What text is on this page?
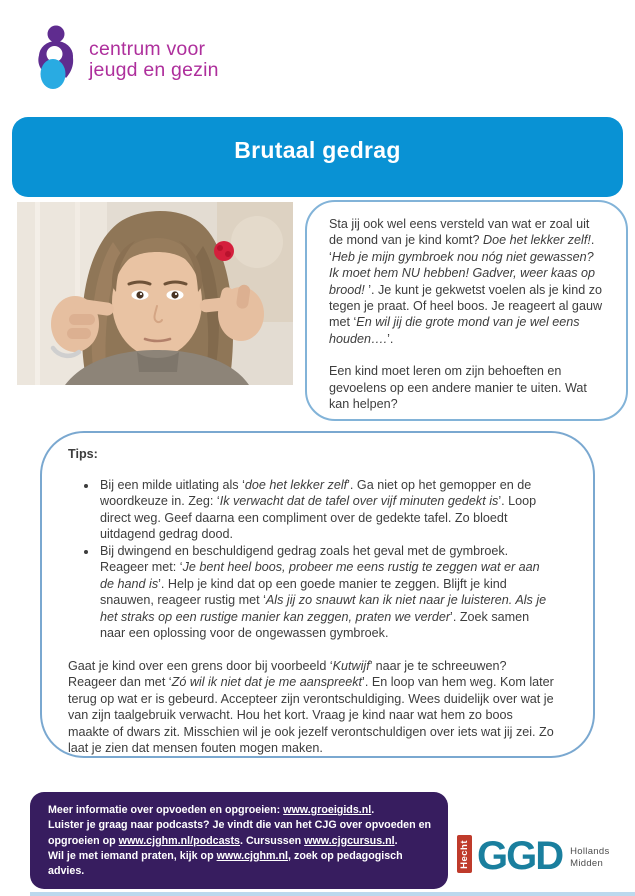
centrum voor
jeugd en gezin
Brutaal gedrag

Sta jij ook wel eens versteld van wat er zoal uit de mond van je kind komt? Doe het lekker zelf!. ‘Heb je mijn gymbroek nou nóg niet gewassen? Ik moet hem NU hebben! Gadver, weer kaas op brood! ’. Je kunt je gekwetst voelen als je kind zo tegen je praat. Of heel boos. Je reageert al gauw met ‘En wil jij die grote mond van je wel eens houden….’.

Een kind moet leren om zijn behoeften en gevoelens op een andere manier te uiten. Wat kan helpen?

Tips:

• Bij een milde uitlating als ‘doe het lekker zelf’. Ga niet op het gemopper en de woordkeuze in. Zeg: ‘Ik verwacht dat de tafel over vijf minuten gedekt is’. Loop direct weg. Geef daarna een compliment over de gedekte tafel. Zo bloedt uitdagend gedrag dood.
• Bij dwingend en beschuldigend gedrag zoals het geval met de gymbroek. Reageer met: ‘Je bent heel boos, probeer me eens rustig te zeggen wat er aan de hand is’. Help je kind dat op een goede manier te zeggen. Blijft je kind snauwen, reageer rustig met ‘Als jij zo snauwt kan ik niet naar je luisteren. Als je het straks op een rustige manier kan zeggen, praten we verder’. Zoek samen naar een oplossing voor de ongewassen gymbroek.

Gaat je kind over een grens door bij voorbeeld ‘Kutwijf’ naar je te schreeuwen? Reageer dan met ‘Zó wil ik niet dat je me aanspreekt’. En loop van hem weg. Kom later terug op wat er is gebeurd. Accepteer zijn verontschuldiging. Wees duidelijk over wat je van zijn taalgebruik verwacht. Hou het kort. Vraag je kind naar wat hem zo boos maakte of dwars zit. Misschien wil je ook jezelf verontschuldigen over iets wat jij zei. Zo laat je zien dat mensen fouten mogen maken.

Meer informatie over opvoeden en opgroeien: www.groeigids.nl.

Luister je graag naar podcasts? Je vindt die van het CJG over opvoeden en opgroeien op www.cjghm.nl/podcasts. Cursussen www.cjgcursus.nl.

Wil je met iemand praten, kijk op www.cjghm.nl, zoek op pedagogisch advies.

Hecht GGD Hollands
Midden
